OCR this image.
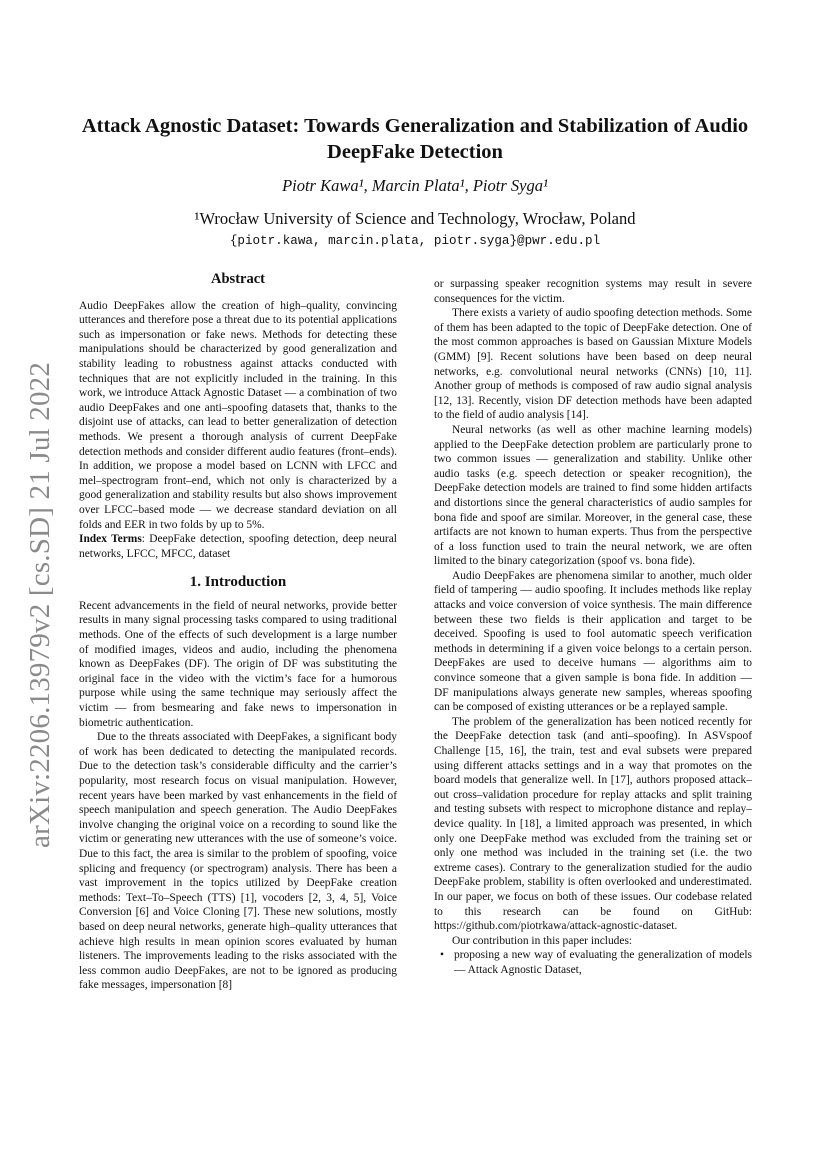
arXiv:2206.13979v2 [cs.SD] 21 Jul 2022
Attack Agnostic Dataset: Towards Generalization and Stabilization of Audio
DeepFake Detection
Piotr Kawa¹, Marcin Plata¹, Piotr Syga¹
¹Wrocław University of Science and Technology, Wrocław, Poland
{piotr.kawa, marcin.plata, piotr.syga}@pwr.edu.pl
Abstract

Audio DeepFakes allow the creation of high–quality, convincing utterances and therefore pose a threat due to its potential applications such as impersonation or fake news. Methods for detecting these manipulations should be characterized by good generalization and stability leading to robustness against attacks conducted with techniques that are not explicitly included in the training. In this work, we introduce Attack Agnostic Dataset — a combination of two audio DeepFakes and one anti–spoofing datasets that, thanks to the disjoint use of attacks, can lead to better generalization of detection methods. We present a thorough analysis of current DeepFake detection methods and consider different audio features (front–ends). In addition, we propose a model based on LCNN with LFCC and mel–spectrogram front–end, which not only is characterized by a good generalization and stability results but also shows improvement over LFCC–based mode — we decrease standard deviation on all folds and EER in two folds by up to 5%.

Index Terms: DeepFake detection, spoofing detection, deep neural networks, LFCC, MFCC, dataset

1. Introduction

Recent advancements in the field of neural networks, provide better results in many signal processing tasks compared to using traditional methods. One of the effects of such development is a large number of modified images, videos and audio, including the phenomena known as DeepFakes (DF). The origin of DF was substituting the original face in the video with the victim’s face for a humorous purpose while using the same technique may seriously affect the victim — from besmearing and fake news to impersonation in biometric authentication.

Due to the threats associated with DeepFakes, a significant body of work has been dedicated to detecting the manipulated records. Due to the detection task’s considerable difficulty and the carrier’s popularity, most research focus on visual manipulation. However, recent years have been marked by vast enhancements in the field of speech manipulation and speech generation. The Audio DeepFakes involve changing the original voice on a recording to sound like the victim or generating new utterances with the use of someone’s voice. Due to this fact, the area is similar to the problem of spoofing, voice splicing and frequency (or spectrogram) analysis. There has been a vast improvement in the topics utilized by DeepFake creation methods: Text–To–Speech (TTS) [1], vocoders [2, 3, 4, 5], Voice Conversion [6] and Voice Cloning [7]. These new solutions, mostly based on deep neural networks, generate high–quality utterances that achieve high results in mean opinion scores evaluated by human listeners. The improvements leading to the risks associated with the less common audio DeepFakes, are not to be ignored as producing fake messages, impersonation [8]

or surpassing speaker recognition systems may result in severe consequences for the victim.

There exists a variety of audio spoofing detection methods. Some of them has been adapted to the topic of DeepFake detection. One of the most common approaches is based on Gaussian Mixture Models (GMM) [9]. Recent solutions have been based on deep neural networks, e.g. convolutional neural networks (CNNs) [10, 11]. Another group of methods is composed of raw audio signal analysis [12, 13]. Recently, vision DF detection methods have been adapted to the field of audio analysis [14].

Neural networks (as well as other machine learning models) applied to the DeepFake detection problem are particularly prone to two common issues — generalization and stability. Unlike other audio tasks (e.g. speech detection or speaker recognition), the DeepFake detection models are trained to find some hidden artifacts and distortions since the general characteristics of audio samples for bona fide and spoof are similar. Moreover, in the general case, these artifacts are not known to human experts. Thus from the perspective of a loss function used to train the neural network, we are often limited to the binary categorization (spoof vs. bona fide).

Audio DeepFakes are phenomena similar to another, much older field of tampering — audio spoofing. It includes methods like replay attacks and voice conversion of voice synthesis. The main difference between these two fields is their application and target to be deceived. Spoofing is used to fool automatic speech verification methods in determining if a given voice belongs to a certain person. DeepFakes are used to deceive humans — algorithms aim to convince someone that a given sample is bona fide. In addition — DF manipulations always generate new samples, whereas spoofing can be composed of existing utterances or be a replayed sample.

The problem of the generalization has been noticed recently for the DeepFake detection task (and anti–spoofing). In ASVspoof Challenge [15, 16], the train, test and eval subsets were prepared using different attacks settings and in a way that promotes on the board models that generalize well. In [17], authors proposed attack–out cross–validation procedure for replay attacks and split training and testing subsets with respect to microphone distance and replay–device quality. In [18], a limited approach was presented, in which only one DeepFake method was excluded from the training set or only one method was included in the training set (i.e. the two extreme cases). Contrary to the generalization studied for the audio DeepFake problem, stability is often overlooked and underestimated. In our paper, we focus on both of these issues. Our codebase related to this research can be found on GitHub: https://github.com/piotrkawa/attack-agnostic-dataset.

Our contribution in this paper includes:

• proposing a new way of evaluating the generalization of models — Attack Agnostic Dataset,
